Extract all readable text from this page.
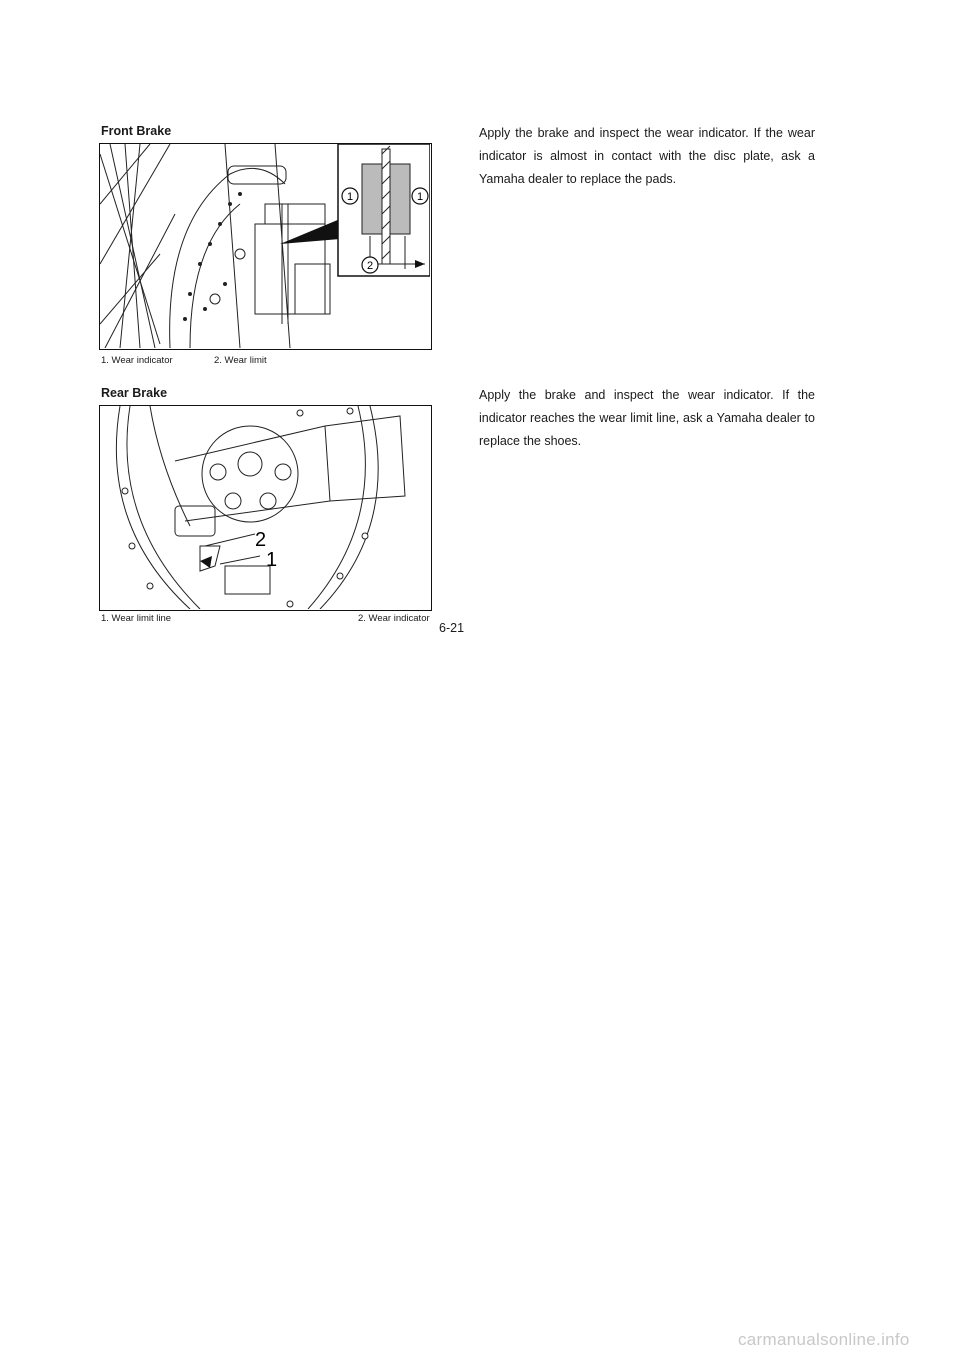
Front Brake
1	1
2
1. Wear indicator	2. Wear limit
Apply the brake and inspect the wear indicator. If the wear indicator is almost in contact with the disc plate, ask a Yamaha dealer to replace the pads.
Rear Brake
2
1
1. Wear limit line	2. Wear indicator
Apply the brake and inspect the wear indicator. If the indicator reaches the wear limit line, ask a Yamaha dealer to replace the shoes.
6-21
carmanualsonline.info
